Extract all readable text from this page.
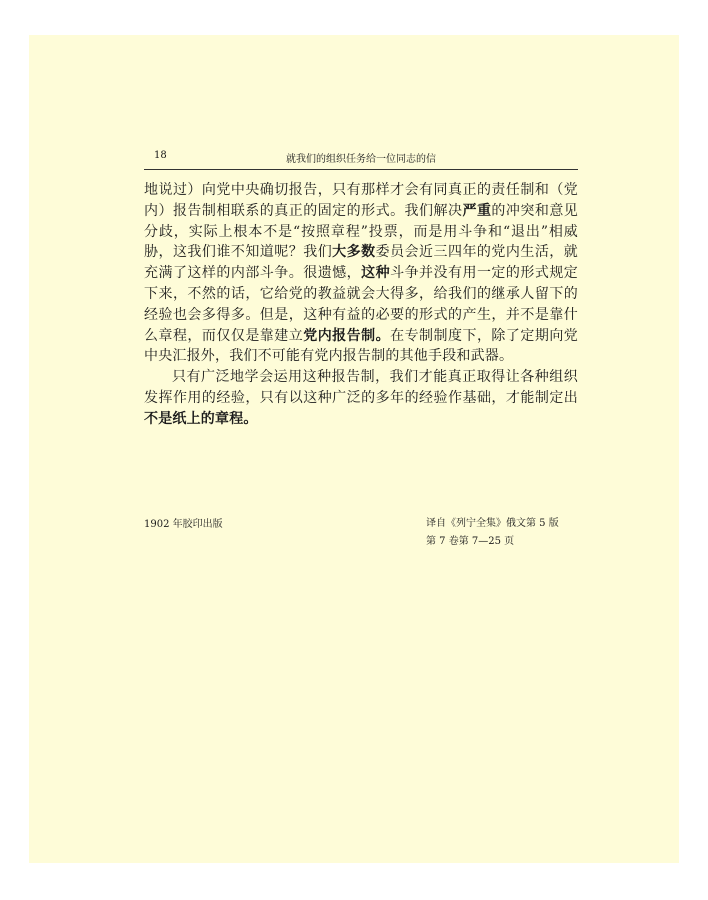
18	就我们的组织任务给一位同志的信

地说过）向党中央确切报告，只有那样才会有同真正的责任制和（党内）报告制相联系的真正的固定的形式。我们解决严重的冲突和意见分歧，实际上根本不是“按照章程”投票，而是用斗争和“退出”相威胁，这我们谁不知道呢？我们大多数委员会近三四年的党内生活，就充满了这样的内部斗争。很遗憾，这种斗争并没有用一定的形式规定下来，不然的话，它给党的教益就会大得多，给我们的继承人留下的经验也会多得多。但是，这种有益的必要的形式的产生，并不是靠什么章程，而仅仅是靠建立党内报告制。在专制制度下，除了定期向党中央汇报外，我们不可能有党内报告制的其他手段和武器。

只有广泛地学会运用这种报告制，我们才能真正取得让各种组织发挥作用的经验，只有以这种广泛的多年的经验作基础，才能制定出不是纸上的章程。

1902 年胶印出版	译自《列宁全集》俄文第 5 版
第 7 卷第 7—25 页
